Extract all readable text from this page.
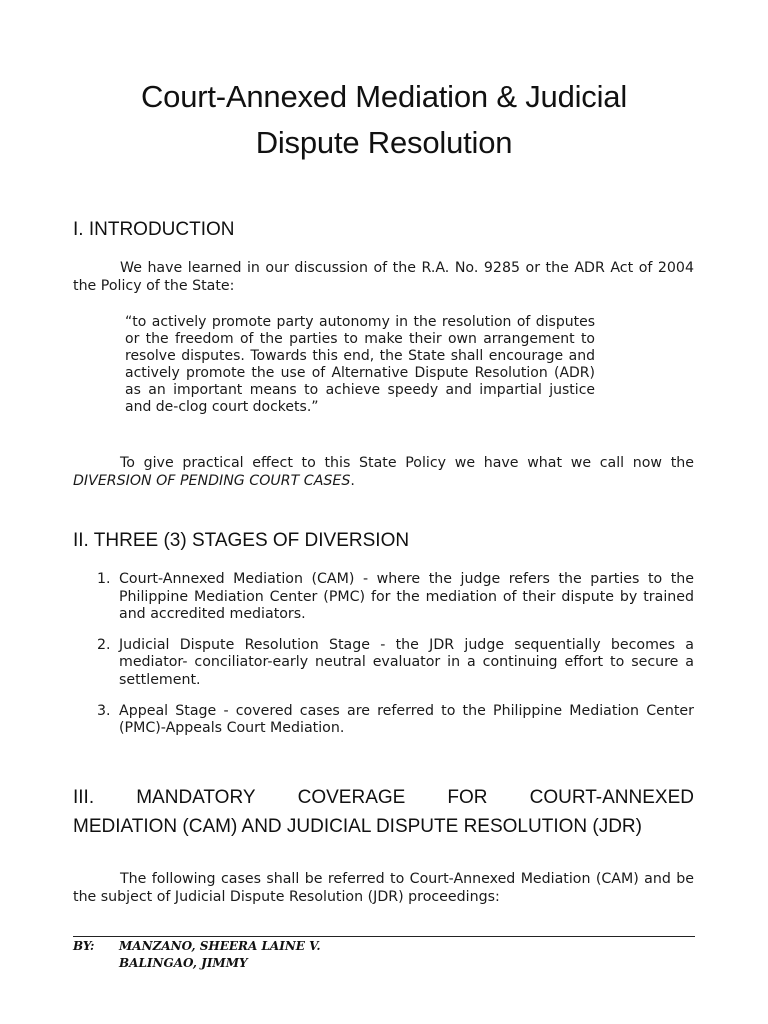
Court-Annexed Mediation & Judicial
Dispute Resolution
I. INTRODUCTION

We have learned in our discussion of the R.A. No. 9285 or the ADR Act of 2004 the Policy of the State:

“to actively promote party autonomy in the resolution of disputes or the freedom of the parties to make their own arrangement to resolve disputes. Towards this end, the State shall encourage and actively promote the use of Alternative Dispute Resolution (ADR) as an important means to achieve speedy and impartial justice and de-clog court dockets.”

To give practical effect to this State Policy we have what we call now the DIVERSION OF PENDING COURT CASES.

II. THREE (3) STAGES OF DIVERSION
1. Court-Annexed Mediation (CAM) - where the judge refers the parties to the Philippine Mediation Center (PMC) for the mediation of their dispute by trained and accredited mediators.
2. Judicial Dispute Resolution Stage - the JDR judge sequentially becomes a mediator- conciliator-early neutral evaluator in a continuing effort to secure a settlement.
3. Appeal Stage - covered cases are referred to the Philippine Mediation Center (PMC)-Appeals Court Mediation.
III. MANDATORY COVERAGE FOR COURT-ANNEXED
MEDIATION (CAM) AND JUDICIAL DISPUTE RESOLUTION (JDR)

The following cases shall be referred to Court-Annexed Mediation (CAM) and be the subject of Judicial Dispute Resolution (JDR) proceedings:

BY: MANZANO, SHEERA LAINE V.
BALINGAO, JIMMY
